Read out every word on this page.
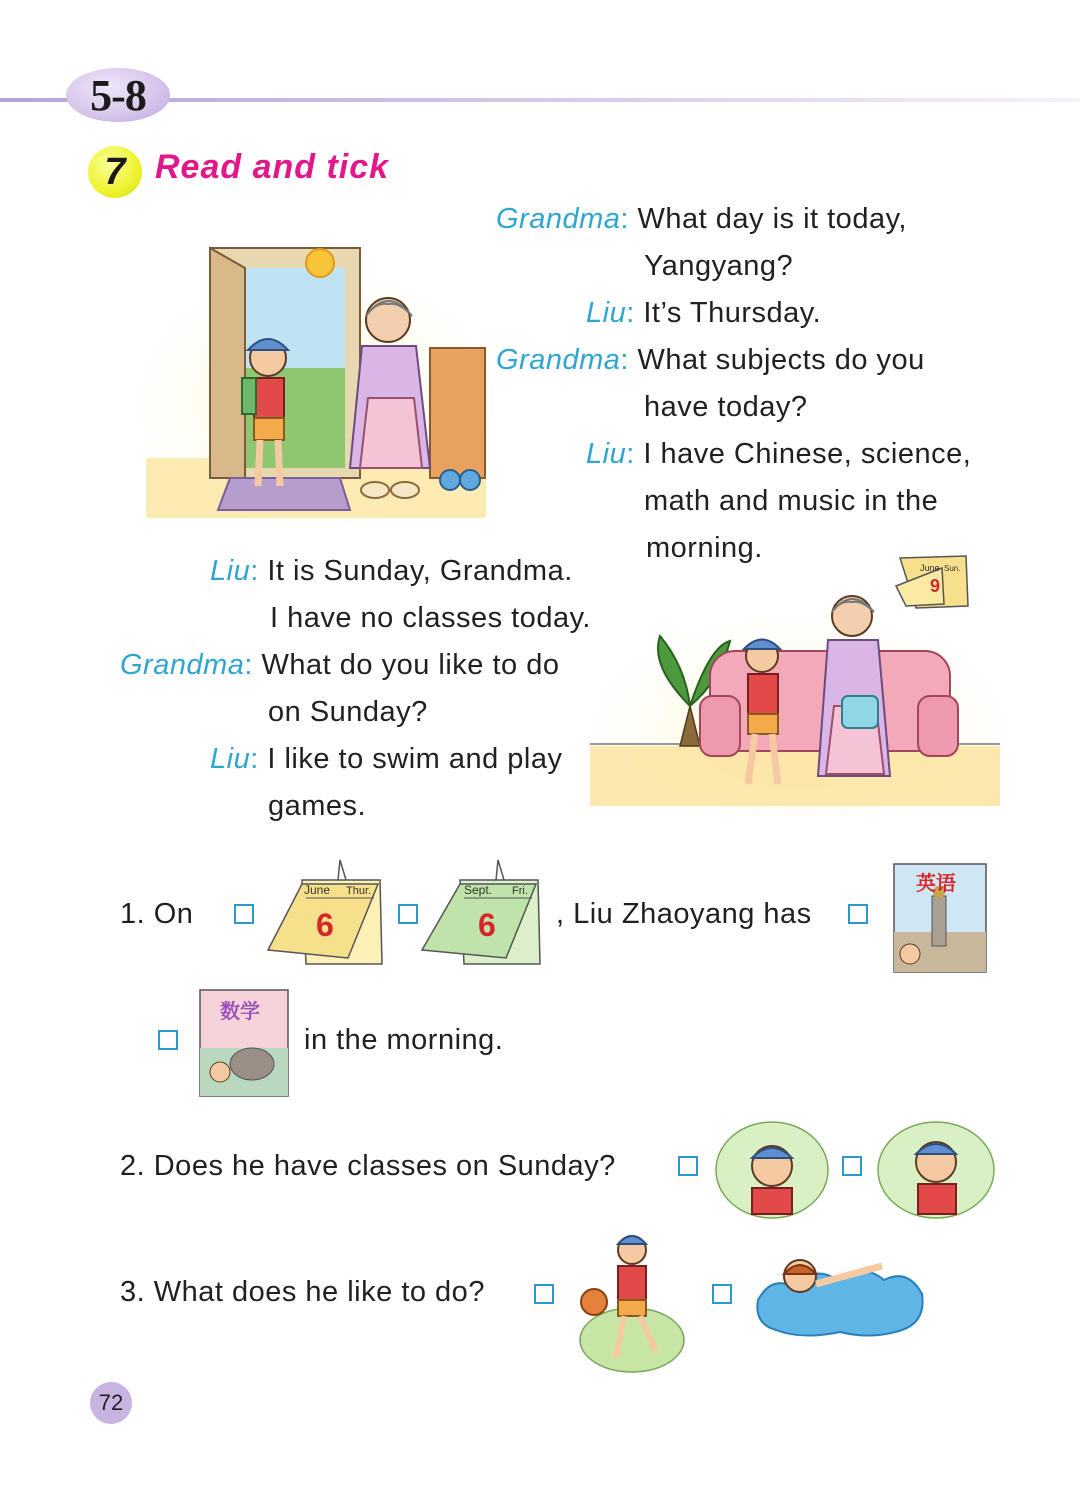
5-8
7 Read and tick
Grandma: What day is it today,
Yangyang?
Liu: It’s Thursday.
Grandma: What subjects do you
have today?
Liu: I have Chinese, science,
math and music in the
morning.
Liu: It is Sunday, Grandma.
I have no classes today.
Grandma: What do you like to do
on Sunday?
Liu: I like to swim and play
games.
June Sun.
9
1. On
June Thur.
6
Sept. Fri.
6 , Liu Zhaoyang has
英语
数学
in the morning.
2. Does he have classes on Sunday?
3. What does he like to do?
72
